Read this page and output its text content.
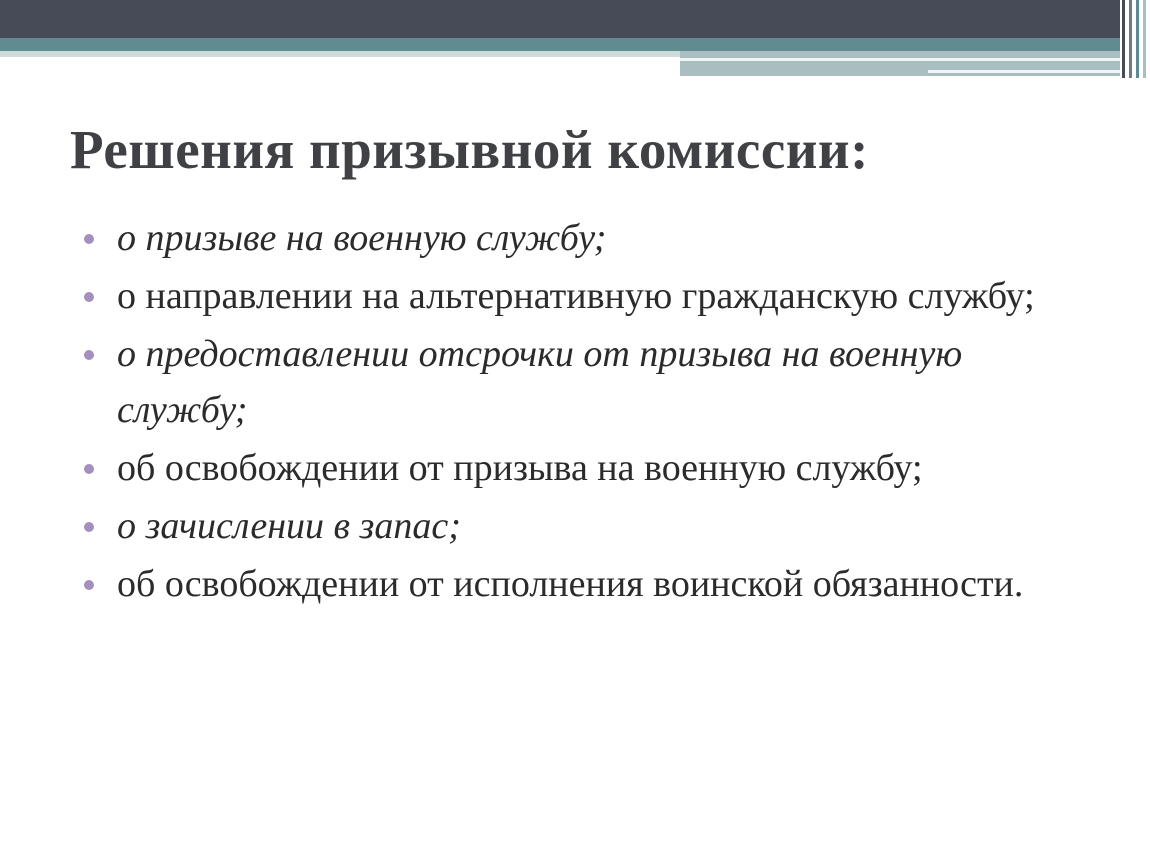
Решения призывной комиссии:
о призыве на военную службу;
о направлении на альтернативную гражданскую службу;
о предоставлении отсрочки от призыва на военную службу;
об освобождении от призыва на военную службу;
о зачислении в запас;
об освобождении от исполнения воинской обязанности.
